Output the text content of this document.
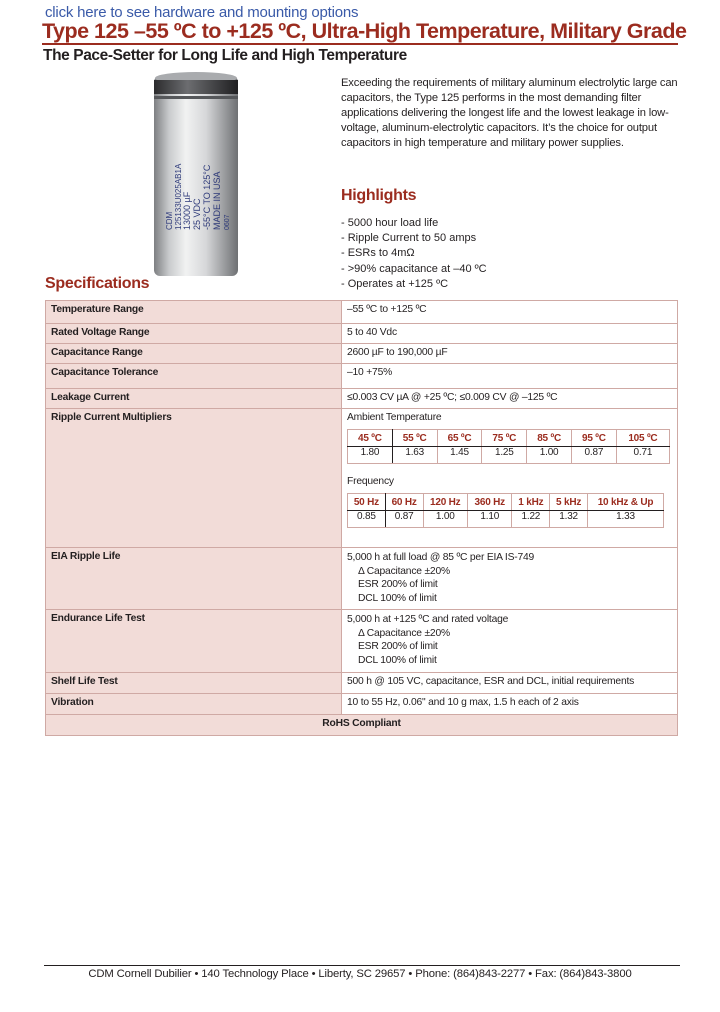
click here to see hardware and mounting options
Type 125 –55 ºC to +125 ºC, Ultra-High Temperature, Military Grade
The Pace-Setter for Long Life and High Temperature
CDM 125133U025AB1A 13000 µF 25 VDC -55°C TO 125°C MADE IN USA 0607

Exceeding the requirements of military aluminum electrolytic large can capacitors, the Type 125 performs in the most demanding filter applications delivering the longest life and the lowest leakage in low-voltage, aluminum-electrolytic capacitors. It’s the choice for output capacitors in high temperature and military power supplies.

Highlights
- 5000 hour load life
- Ripple Current to 50 amps
- ESRs to 4mΩ
- >90% capacitance at –40 ºC
- Operates at +125 ºC
Specifications
Temperature Range	–55 ºC to +125 ºC
Rated Voltage Range	5 to 40 Vdc
Capacitance Range	2600 µF to 190,000 µF
Capacitance Tolerance	–10 +75%
Leakage Current	≤0.003 CV µA @ +25 ºC; ≤0.009 CV @ –125 ºC
Ripple Current Multipliers	Ambient Temperature
45 ºC	55 ºC	65 ºC	75 ºC	85 ºC	95 ºC	105 ºC
1.80	1.63	1.45	1.25	1.00	0.87	0.71
Frequency
50 Hz	60 Hz	120 Hz	360 Hz	1 kHz	5 kHz	10 kHz & Up
0.85	0.87	1.00	1.10	1.22	1.32	1.33

EIA Ripple Life	5,000 h at full load @ 85 ºC per EIA IS-749
Δ Capacitance ±20%
ESR 200% of limit
DCL 100% of limit

Endurance Life Test	5,000 h at +125 ºC and rated voltage
Δ Capacitance ±20%
ESR 200% of limit
DCL 100% of limit

Shelf Life Test	500 h @ 105 VC, capacitance, ESR and DCL, initial requirements
Vibration	10 to 55 Hz, 0.06" and 10 g max, 1.5 h each of 2 axis
RoHS Compliant
CDM Cornell Dubilier • 140 Technology Place • Liberty, SC 29657 • Phone: (864)843-2277 • Fax: (864)843-3800
